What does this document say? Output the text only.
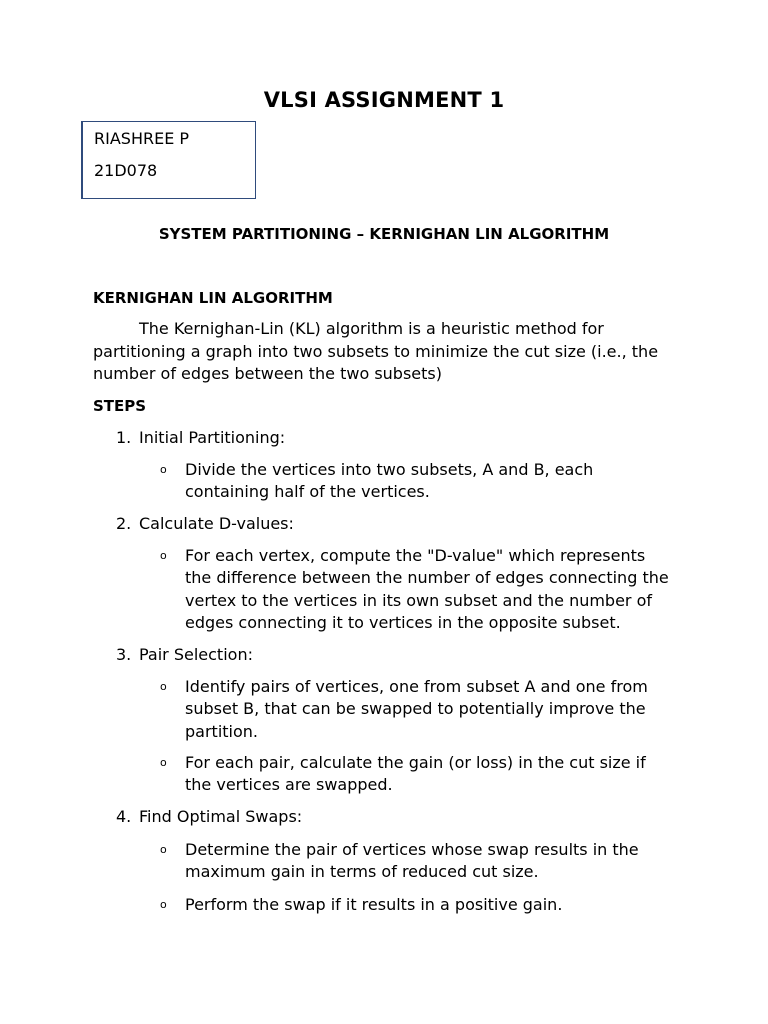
VLSI ASSIGNMENT 1
RIASHREE P
21D078
SYSTEM PARTITIONING – KERNIGHAN LIN ALGORITHM
KERNIGHAN LIN ALGORITHM
The Kernighan-Lin (KL) algorithm is a heuristic method for partitioning a graph into two subsets to minimize the cut size (i.e., the number of edges between the two subsets)
STEPS
1. Initial Partitioning:
o Divide the vertices into two subsets, A and B, each containing half of the vertices.
2. Calculate D-values:
o For each vertex, compute the "D-value" which represents the difference between the number of edges connecting the vertex to the vertices in its own subset and the number of edges connecting it to vertices in the opposite subset.
3. Pair Selection:
o Identify pairs of vertices, one from subset A and one from subset B, that can be swapped to potentially improve the partition.
o For each pair, calculate the gain (or loss) in the cut size if the vertices are swapped.
4. Find Optimal Swaps:
o Determine the pair of vertices whose swap results in the maximum gain in terms of reduced cut size.
o Perform the swap if it results in a positive gain.
